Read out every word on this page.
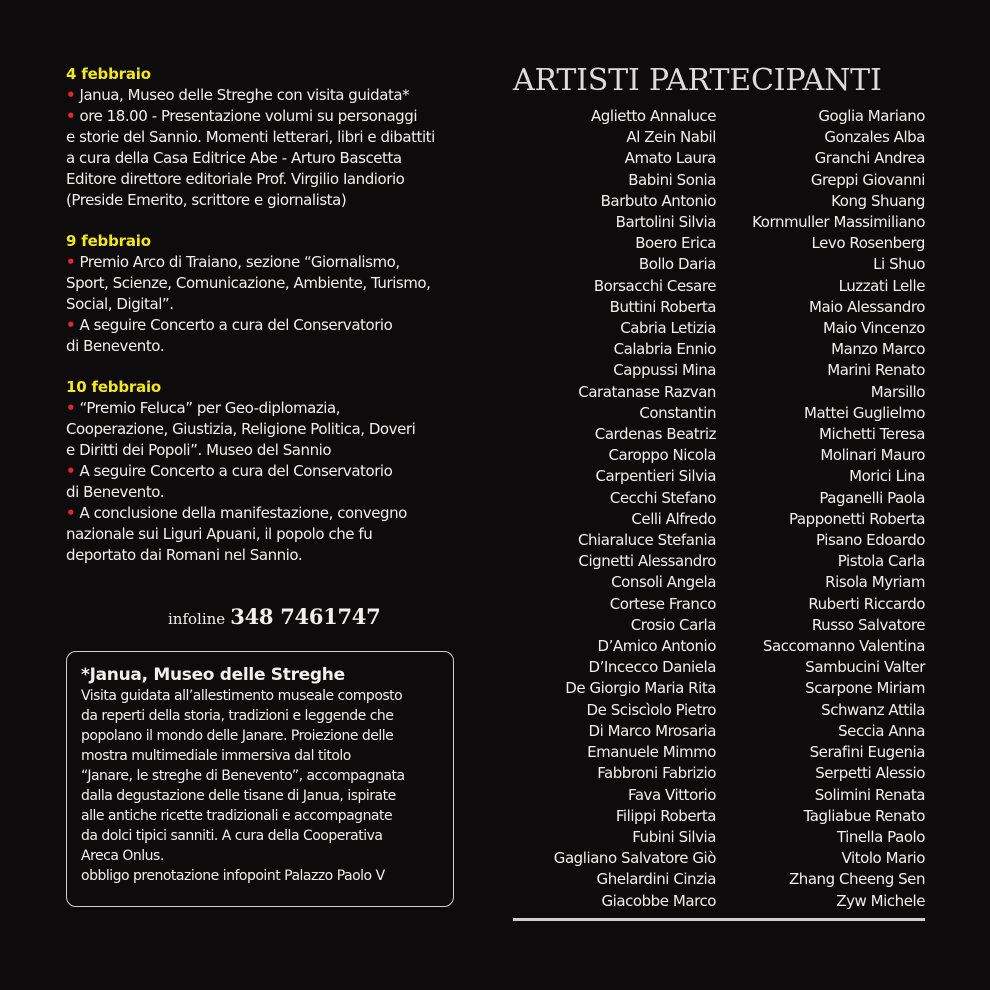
4 febbraio
• Janua, Museo delle Streghe con visita guidata*
• ore 18.00 - Presentazione volumi su personaggi
e storie del Sannio. Momenti letterari, libri e dibattiti
a cura della Casa Editrice Abe - Arturo Bascetta
Editore direttore editoriale Prof. Virgilio Iandiorio
(Preside Emerito, scrittore e giornalista)
9 febbraio
• Premio Arco di Traiano, sezione “Giornalismo,
Sport, Scienze, Comunicazione, Ambiente, Turismo,
Social, Digital”.
• A seguire Concerto a cura del Conservatorio
di Benevento.
10 febbraio
• “Premio Feluca” per Geo-diplomazia,
Cooperazione, Giustizia, Religione Politica, Doveri
e Diritti dei Popoli”. Museo del Sannio
• A seguire Concerto a cura del Conservatorio
di Benevento.
• A conclusione della manifestazione, convegno
nazionale sui Liguri Apuani, il popolo che fu
deportato dai Romani nel Sannio.
infoline 348 7461747
*Janua, Museo delle Streghe
Visita guidata all’allestimento museale composto
da reperti della storia, tradizioni e leggende che
popolano il mondo delle Janare. Proiezione delle
mostra multimediale immersiva dal titolo
“Janare, le streghe di Benevento”, accompagnata
dalla degustazione delle tisane di Janua, ispirate
alle antiche ricette tradizionali e accompagnate
da dolci tipici sanniti. A cura della Cooperativa
Areca Onlus.
obbligo prenotazione infopoint Palazzo Paolo V
ARTISTI PARTECIPANTI
Aglietto Annaluce
Al Zein Nabil
Amato Laura
Babini Sonia
Barbuto Antonio
Bartolini Silvia
Boero Erica
Bollo Daria
Borsacchi Cesare
Buttini Roberta
Cabria Letizia
Calabria Ennio
Cappussi Mina
Caratanase Razvan
Constantin
Cardenas Beatriz
Caroppo Nicola
Carpentieri Silvia
Cecchi Stefano
Celli Alfredo
Chiaraluce Stefania
Cignetti Alessandro
Consoli Angela
Cortese Franco
Crosio Carla
D’Amico Antonio
D’Incecco Daniela
De Giorgio Maria Rita
De Sciscìolo Pietro
Di Marco Mrosaria
Emanuele Mimmo
Fabbroni Fabrizio
Fava Vittorio
Filippi Roberta
Fubini Silvia
Gagliano Salvatore Giò
Ghelardini Cinzia
Giacobbe Marco
Goglia Mariano
Gonzales Alba
Granchi Andrea
Greppi Giovanni
Kong Shuang
Kornmuller Massimiliano
Levo Rosenberg
Li Shuo
Luzzati Lelle
Maio Alessandro
Maio Vincenzo
Manzo Marco
Marini Renato
Marsillo
Mattei Guglielmo
Michetti Teresa
Molinari Mauro
Morici Lina
Paganelli Paola
Papponetti Roberta
Pisano Edoardo
Pistola Carla
Risola Myriam
Ruberti Riccardo
Russo Salvatore
Saccomanno Valentina
Sambucini Valter
Scarpone Miriam
Schwanz Attila
Seccia Anna
Serafini Eugenia
Serpetti Alessio
Solimini Renata
Tagliabue Renato
Tinella Paolo
Vitolo Mario
Zhang Cheeng Sen
Zyw Michele
